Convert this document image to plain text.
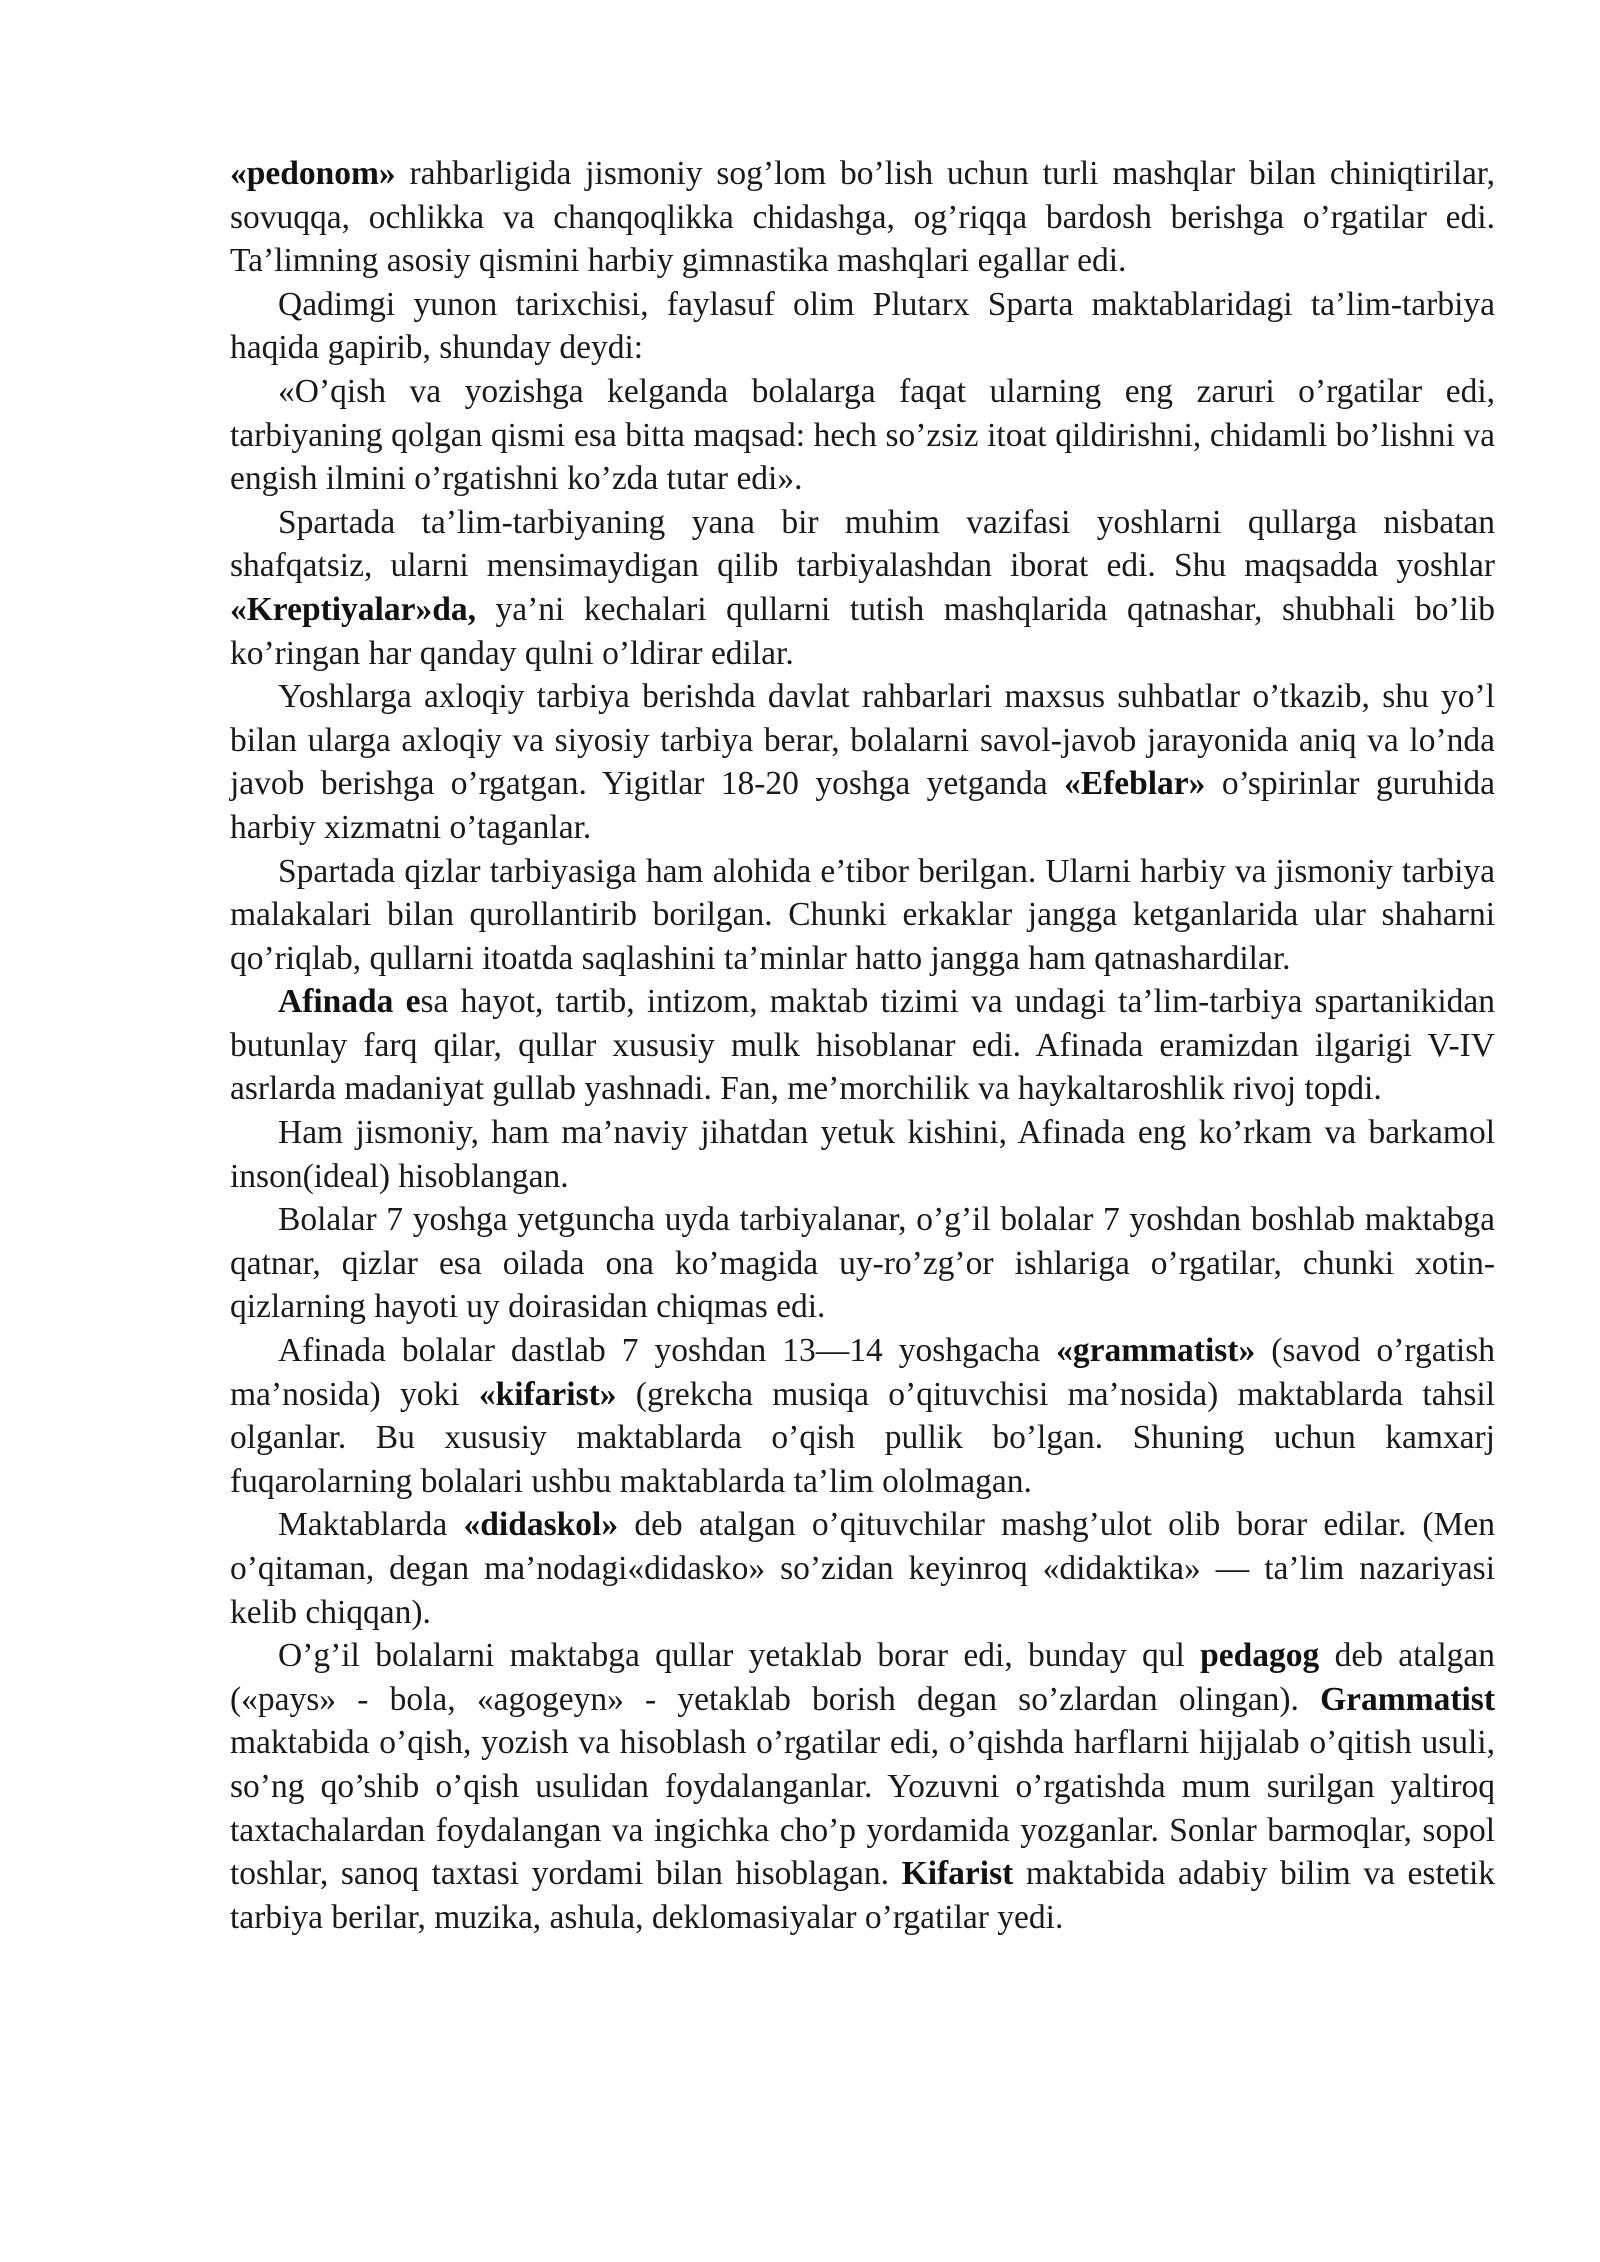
«pedonom» rahbarligida jismoniy sog’lom bo’lish uchun turli mashqlar bilan chiniqtirilar, sovuqqa, ochlikka va chanqoqlikka chidashga, og’riqqa bardosh berishga o’rgatilar edi. Ta’limning asosiy qismini harbiy gimnastika mashqlari egallar edi.

Qadimgi yunon tarixchisi, faylasuf olim Plutarx Sparta maktablaridagi ta’lim-tarbiya haqida gapirib, shunday deydi:

«O’qish va yozishga kelganda bolalarga faqat ularning eng zaruri o’rgatilar edi, tarbiyaning qolgan qismi esa bitta maqsad: hech so’zsiz itoat qildirishni, chidamli bo’lishni va engish ilmini o’rgatishni ko’zda tutar edi».

Spartada ta’lim-tarbiyaning yana bir muhim vazifasi yoshlarni qullarga nisbatan shafqatsiz, ularni mensimaydigan qilib tarbiyalashdan iborat edi. Shu maqsadda yoshlar «Kreptiyalar»da, ya’ni kechalari qullarni tutish mashqlarida qatnashar, shubhali bo’lib ko’ringan har qanday qulni o’ldirar edilar.

Yoshlarga axloqiy tarbiya berishda davlat rahbarlari maxsus suhbatlar o’tkazib, shu yo’l bilan ularga axloqiy va siyosiy tarbiya berar, bolalarni savol-javob jarayonida aniq va lo’nda javob berishga o’rgatgan. Yigitlar 18-20 yoshga yetganda «Efeblar» o’spirinlar guruhida harbiy xizmatni o’taganlar.

Spartada qizlar tarbiyasiga ham alohida e’tibor berilgan. Ularni harbiy va jismoniy tarbiya malakalari bilan qurollantirib borilgan. Chunki erkaklar jangga ketganlarida ular shaharni qo’riqlab, qullarni itoatda saqlashini ta’minlar hatto jangga ham qatnashardilar.

Afinada esa hayot, tartib, intizom, maktab tizimi va undagi ta’lim-tarbiya spartanikidan butunlay farq qilar, qullar xususiy mulk hisoblanar edi. Afinada eramizdan ilgarigi V-IV asrlarda madaniyat gullab yashnadi. Fan, me’morchilik va haykaltaroshlik rivoj topdi.

Ham jismoniy, ham ma’naviy jihatdan yetuk kishini, Afinada eng ko’rkam va barkamol inson(ideal) hisoblangan.

Bolalar 7 yoshga yetguncha uyda tarbiyalanar, o’g’il bolalar 7 yoshdan boshlab maktabga qatnar, qizlar esa oilada ona ko’magida uy-ro’zg’or ishlariga o’rgatilar, chunki xotin-qizlarning hayoti uy doirasidan chiqmas edi.

Afinada bolalar dastlab 7 yoshdan 13—14 yoshgacha «grammatist» (savod o’rgatish ma’nosida) yoki «kifarist» (grekcha musiqa o’qituvchisi ma’nosida) maktablarda tahsil olganlar. Bu xususiy maktablarda o’qish pullik bo’lgan. Shuning uchun kamxarj fuqarolarning bolalari ushbu maktablarda ta’lim ololmagan.

Maktablarda «didaskol» deb atalgan o’qituvchilar mashg’ulot olib borar edilar. (Men o’qitaman, degan ma’nodagi«didasko» so’zidan keyinroq «didaktika» — ta’lim nazariyasi kelib chiqqan).

O’g’il bolalarni maktabga qullar yetaklab borar edi, bunday qul pedagog deb atalgan («pays» - bola, «agogeyn» - yetaklab borish degan so’zlardan olingan). Grammatist maktabida o’qish, yozish va hisoblash o’rgatilar edi, o’qishda harflarni hijjalab o’qitish usuli, so’ng qo’shib o’qish usulidan foydalanganlar. Yozuvni o’rgatishda mum surilgan yaltiroq taxtachalardan foydalangan va ingichka cho’p yordamida yozganlar. Sonlar barmoqlar, sopol toshlar, sanoq taxtasi yordami bilan hisoblagan. Kifarist maktabida adabiy bilim va estetik tarbiya berilar, muzika, ashula, deklomasiyalar o’rgatilar yedi.
